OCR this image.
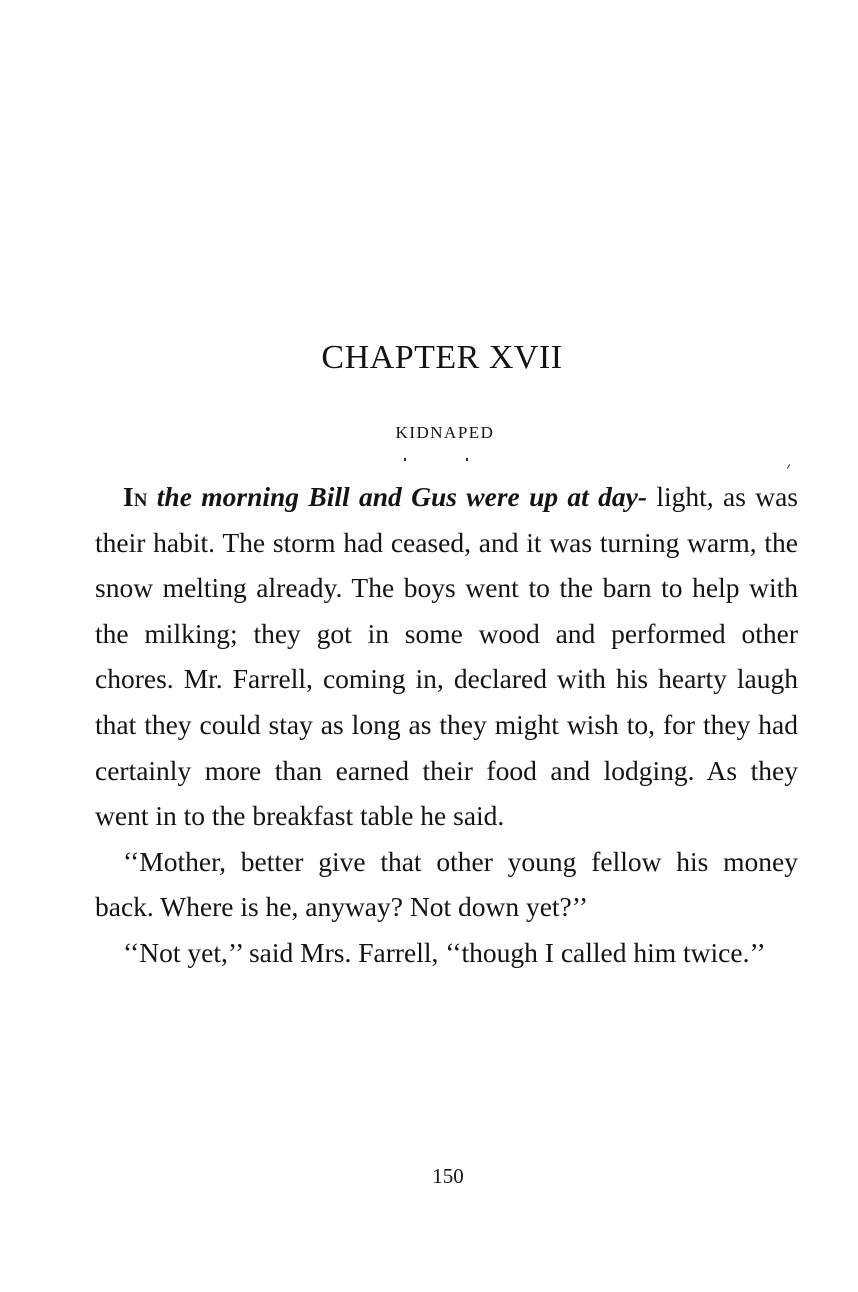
CHAPTER XVII
KIDNAPED

In the morning Bill and Gus were up at day- light, as was their habit. The storm had ceased, and it was turning warm, the snow melting already. The boys went to the barn to help with the milking; they got in some wood and performed other chores. Mr. Farrell, coming in, declared with his hearty laugh that they could stay as long as they might wish to, for they had certainly more than earned their food and lodging. As they went in to the breakfast table he said.

‘‘Mother, better give that other young fellow his money back. Where is he, anyway? Not down yet?’’

‘‘Not yet,’’ said Mrs. Farrell, ‘‘though I called him twice.’’

150
